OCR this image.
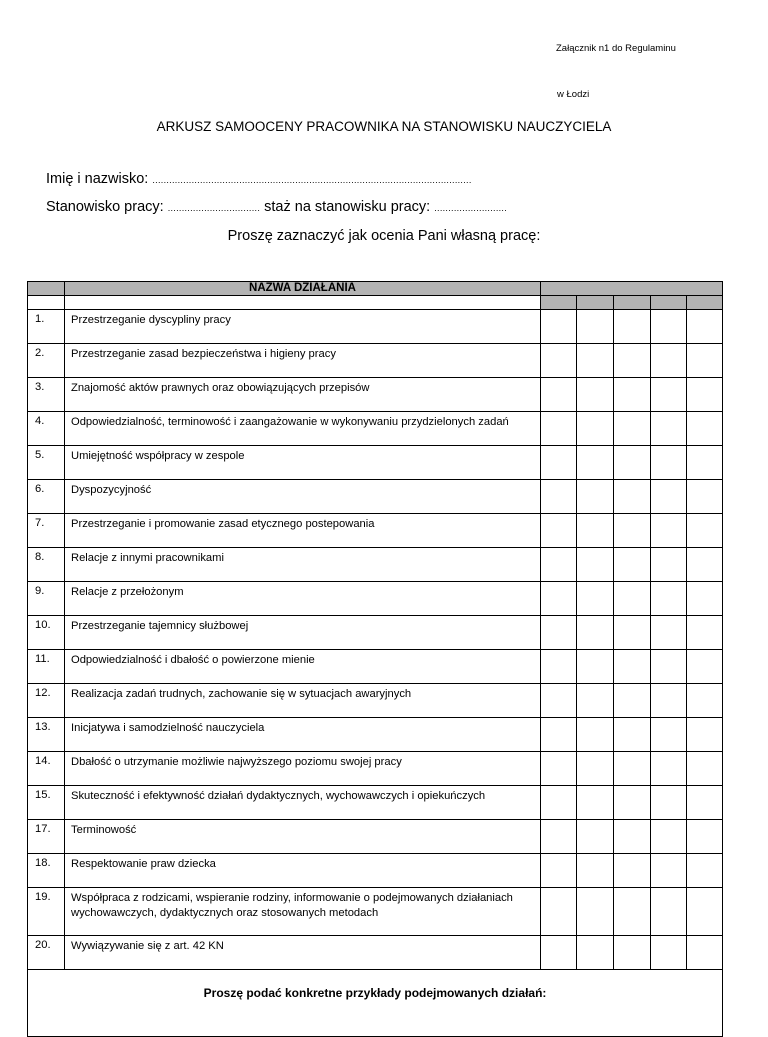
Załącznik n1 do Regulaminu
w Łodzi
ARKUSZ SAMOOCENY PRACOWNIKA NA STANOWISKU NAUCZYCIELA
Imię i nazwisko: ..................................................................................................................
Stanowisko pracy: ................................. staż na stanowisku pracy: ..........................
Proszę zaznaczyć jak ocenia Pani własną pracę:
	NAZWA DZIAŁANIA					

1.	Przestrzeganie dyscypliny pracy					
2.	Przestrzeganie zasad bezpieczeństwa i higieny pracy					
3.	Znajomość aktów prawnych oraz obowiązujących przepisów					
4.	Odpowiedzialność, terminowość i zaangażowanie w wykonywaniu przydzielonych zadań					
5.	Umiejętność współpracy w zespole					
6.	Dyspozycyjność					
7.	Przestrzeganie i promowanie zasad etycznego postepowania					
8.	Relacje z innymi pracownikami					
9.	Relacje z przełożonym					
10.	Przestrzeganie tajemnicy służbowej					
11.	Odpowiedzialność i dbałość o powierzone mienie					
12.	Realizacja zadań trudnych, zachowanie się w sytuacjach awaryjnych					
13.	Inicjatywa i samodzielność nauczyciela					
14.	Dbałość o utrzymanie możliwie najwyższego poziomu swojej pracy					
15.	Skuteczność i efektywność działań dydaktycznych, wychowawczych i opiekuńczych					
17.	Terminowość					
18.	Respektowanie praw dziecka					
19.	Współpraca z rodzicami, wspieranie rodziny, informowanie o podejmowanych działaniach wychowawczych, dydaktycznych oraz stosowanych metodach					
20.	Wywiązywanie się z art. 42 KN					
Proszę podać konkretne przykłady podejmowanych działań:						
